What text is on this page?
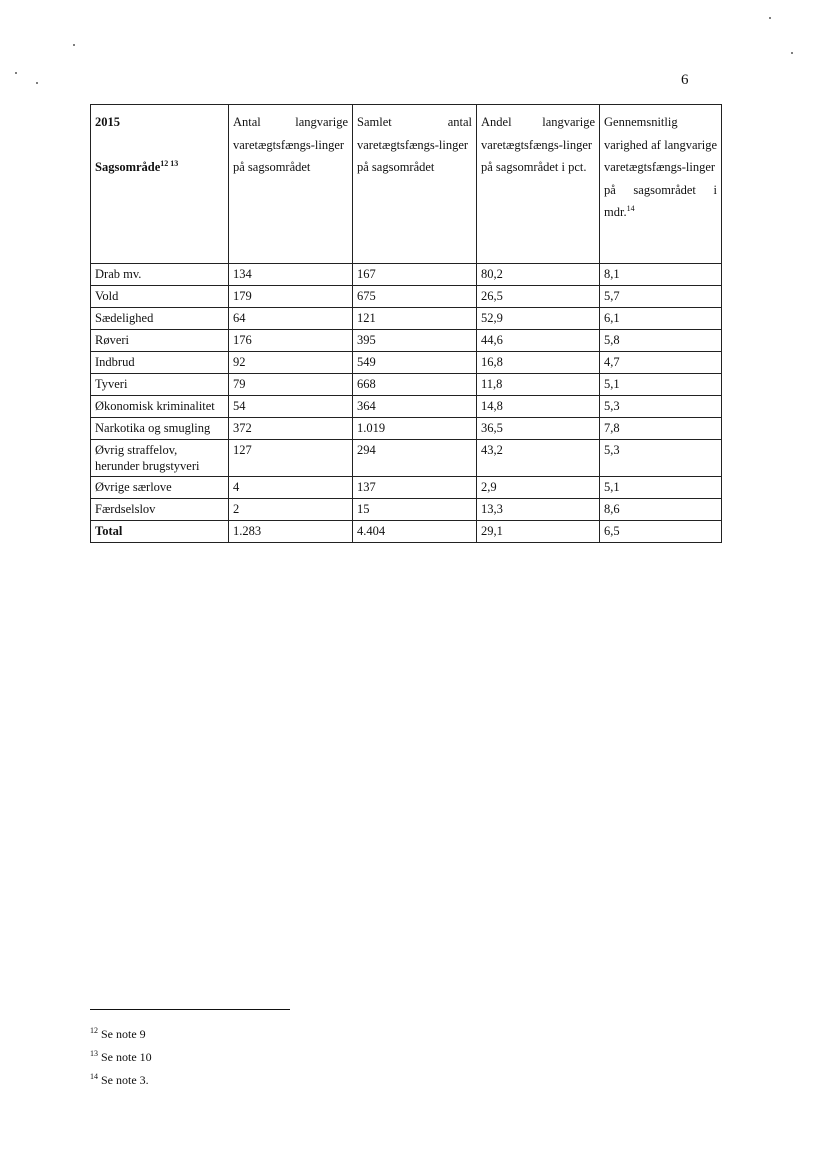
6
2015
Sagsområde$^{12 13}$	Antal langvarige varetægtsfængs-linger på sagsområdet	Samlet antal varetægtsfængs-linger på sagsområdet	Andel langvarige varetægtsfængs-linger på sagsområdet i pct.	Gennemsnitlig varighed af langvarige varetægtsfængs-linger på sagsområdet i mdr.$^{14}$
Drab mv.	134	167	80,2	8,1
Vold	179	675	26,5	5,7
Sædelighed	64	121	52,9	6,1
Røveri	176	395	44,6	5,8
Indbrud	92	549	16,8	4,7
Tyveri	79	668	11,8	5,1
Økonomisk kriminalitet	54	364	14,8	5,3
Narkotika og smugling	372	1.019	36,5	7,8
Øvrig straffelov, herunder brugstyveri	127	294	43,2	5,3
Øvrige særlove	4	137	2,9	5,1
Færdselslov	2	15	13,3	8,6
Total	1.283	4.404	29,1	6,5
$^{12}$ Se note 9
$^{13}$ Se note 10
$^{14}$ Se note 3.
